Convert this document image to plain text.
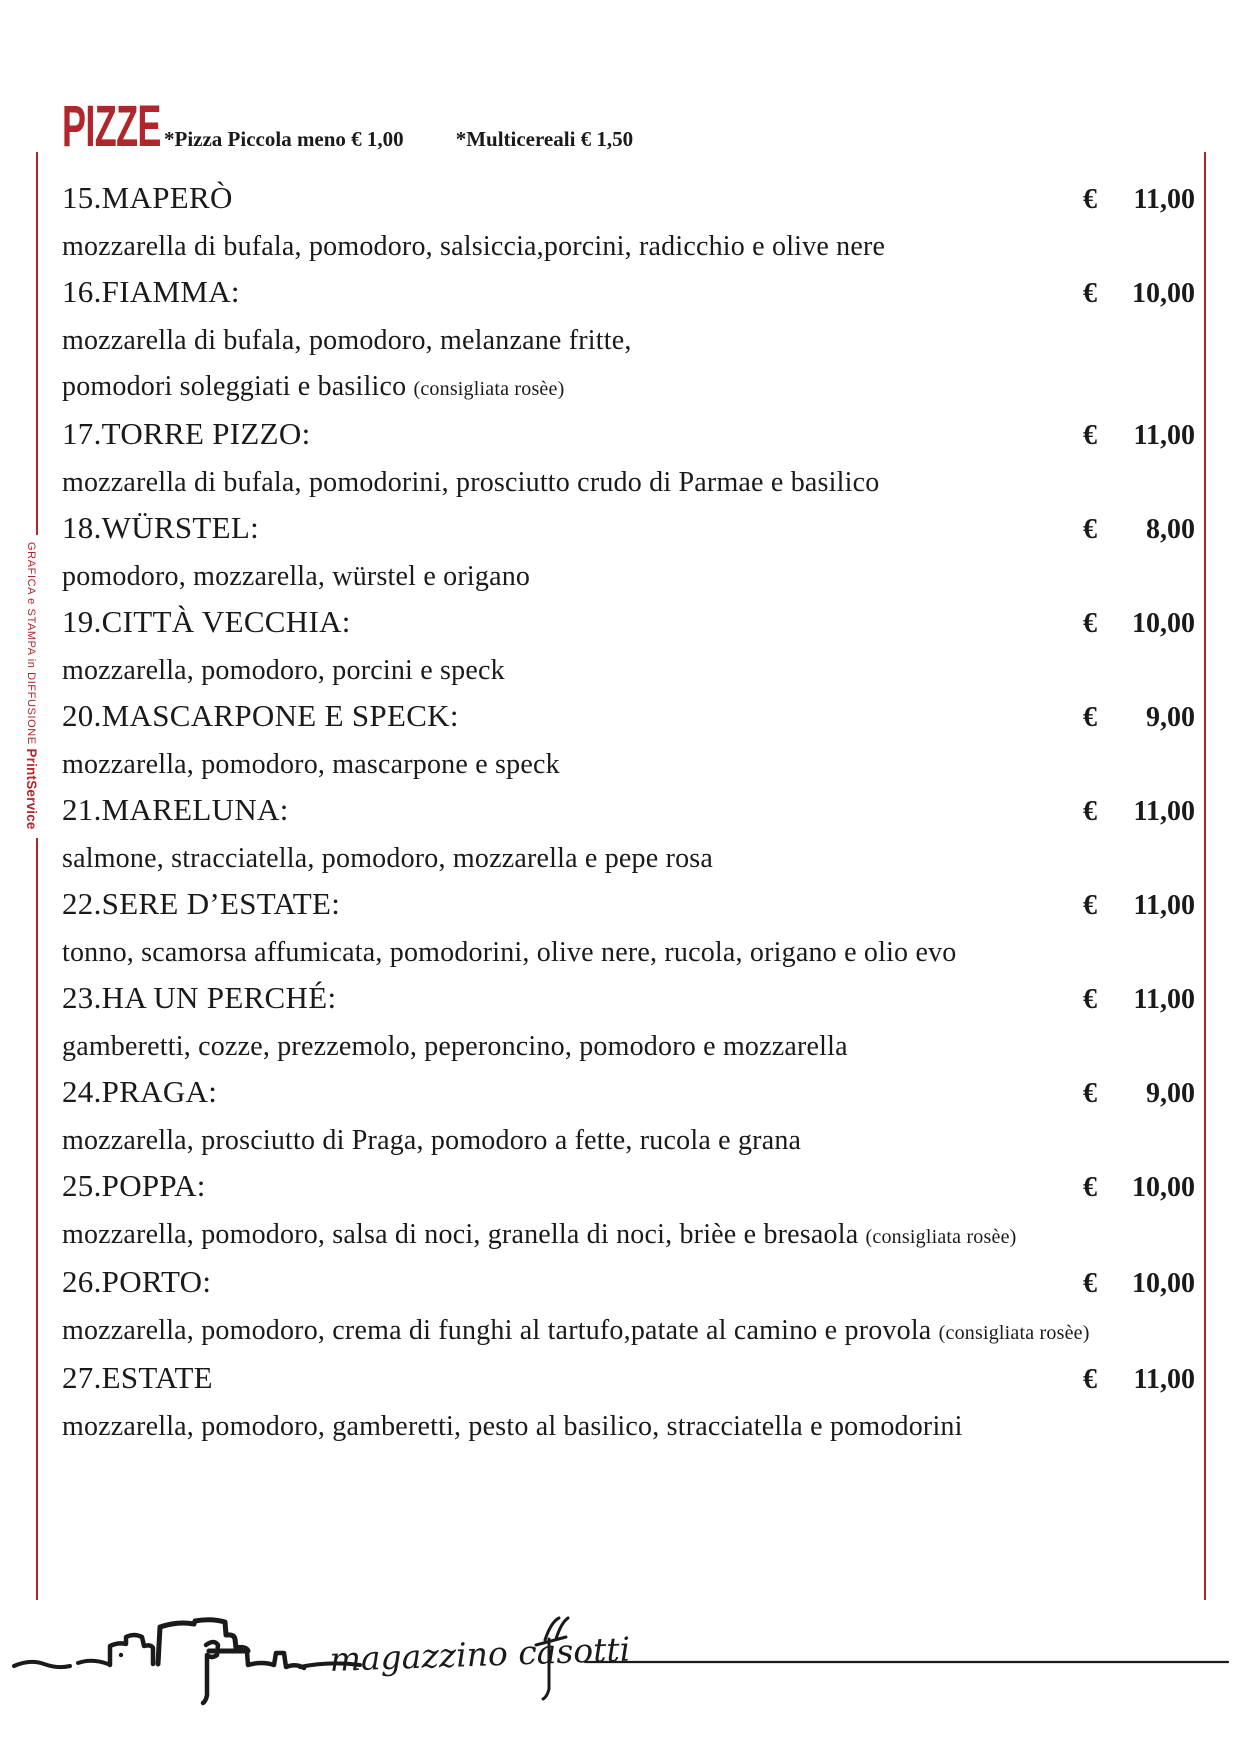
GRAFICA e STAMPA in DIFFUSIONE PrintService
PIZZE *Pizza Piccola meno € 1,00 *Multicereali € 1,50
15.MAPERÒ	€ 11,00
mozzarella di bufala, pomodoro, salsiccia,porcini, radicchio e olive nere
16.FIAMMA:	€ 10,00
mozzarella di bufala, pomodoro, melanzane fritte,
pomodori soleggiati e basilico (consigliata rosèe)
17.TORRE PIZZO:	€ 11,00
mozzarella di bufala, pomodorini, prosciutto crudo di Parmae e basilico
18.WÜRSTEL:	€ 8,00
pomodoro, mozzarella, würstel e origano
19.CITTÀ VECCHIA:	€ 10,00
mozzarella, pomodoro, porcini e speck
20.MASCARPONE E SPECK:	€ 9,00
mozzarella, pomodoro, mascarpone e speck
21.MARELUNA:	€ 11,00
salmone, stracciatella, pomodoro, mozzarella e pepe rosa
22.SERE D’ESTATE:	€ 11,00
tonno, scamorsa affumicata, pomodorini, olive nere, rucola, origano e olio evo
23.HA UN PERCHÉ:	€ 11,00
gamberetti, cozze, prezzemolo, peperoncino, pomodoro e mozzarella
24.PRAGA:	€ 9,00
mozzarella, prosciutto di Praga, pomodoro a fette, rucola e grana
25.POPPA:	€ 10,00
mozzarella, pomodoro, salsa di noci, granella di noci, brièe e bresaola (consigliata rosèe)
26.PORTO:	€ 10,00
mozzarella, pomodoro, crema di funghi al tartufo,patate al camino e provola (consigliata rosèe)
27.ESTATE	€ 11,00
mozzarella, pomodoro, gamberetti, pesto al basilico, stracciatella e pomodorini
magazzino casotti
